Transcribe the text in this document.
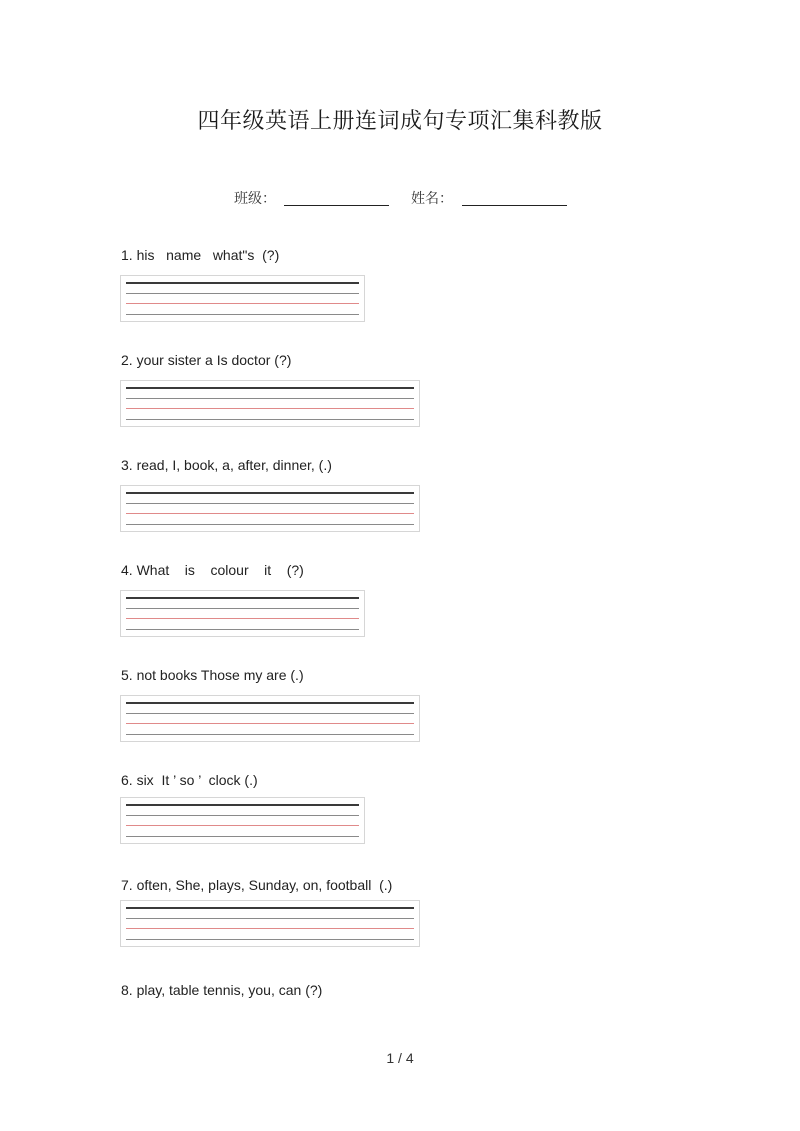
四年级英语上册连词成句专项汇集科教版
班级：	姓名：
1. his   name   what"s  (?)
2. your sister a Is doctor (?)
3. read, I, book, a, after, dinner, (.)
4. What    is    colour    it    (?)
5. not books Those my are (.)
6. six  It ’ so ’  clock (.)
7. often, She, plays, Sunday, on, football  (.)
8. play, table tennis, you, can (?)
1 / 4
